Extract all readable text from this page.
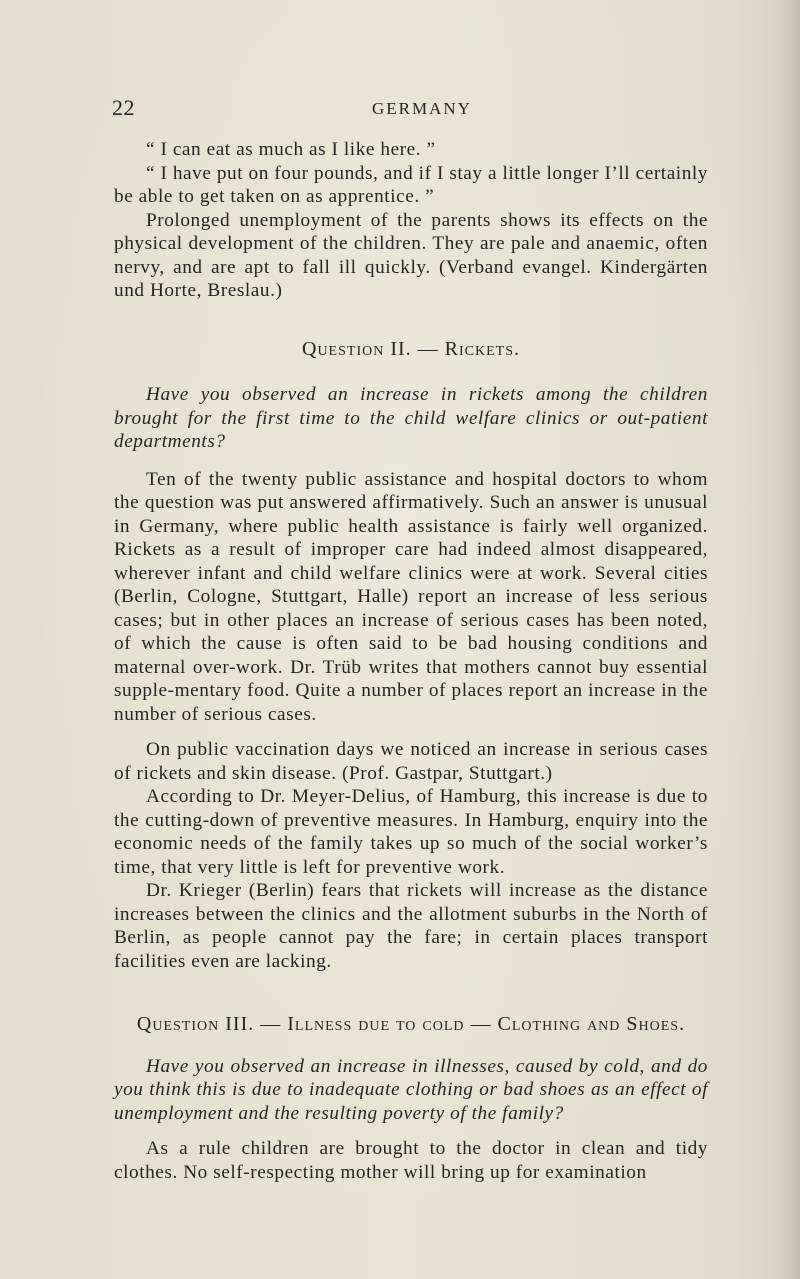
22	GERMANY

“ I can eat as much as I like here. ”

“ I have put on four pounds, and if I stay a little longer I’ll certainly be able to get taken on as apprentice. ”

Prolonged unemployment of the parents shows its effects on the physical development of the children. They are pale and anaemic, often nervy, and are apt to fall ill quickly. (Verband evangel. Kindergärten und Horte, Breslau.)

Question II. — Rickets.

Have you observed an increase in rickets among the children brought for the first time to the child welfare clinics or out-patient departments?

Ten of the twenty public assistance and hospital doctors to whom the question was put answered affirmatively. Such an answer is unusual in Germany, where public health assistance is fairly well organized. Rickets as a result of improper care had indeed almost disappeared, wherever infant and child welfare clinics were at work. Several cities (Berlin, Cologne, Stuttgart, Halle) report an increase of less serious cases; but in other places an increase of serious cases has been noted, of which the cause is often said to be bad housing conditions and maternal over-work. Dr. Trüb writes that mothers cannot buy essential supple-mentary food. Quite a number of places report an increase in the number of serious cases.

On public vaccination days we noticed an increase in serious cases of rickets and skin disease. (Prof. Gastpar, Stuttgart.)

According to Dr. Meyer-Delius, of Hamburg, this increase is due to the cutting-down of preventive measures. In Hamburg, enquiry into the economic needs of the family takes up so much of the social worker’s time, that very little is left for preventive work.

Dr. Krieger (Berlin) fears that rickets will increase as the distance increases between the clinics and the allotment suburbs in the North of Berlin, as people cannot pay the fare; in certain places transport facilities even are lacking.

Question III. — Illness due to cold — Clothing and Shoes.

Have you observed an increase in illnesses, caused by cold, and do you think this is due to inadequate clothing or bad shoes as an effect of unemployment and the resulting poverty of the family?

As a rule children are brought to the doctor in clean and tidy clothes. No self-respecting mother will bring up for examination
